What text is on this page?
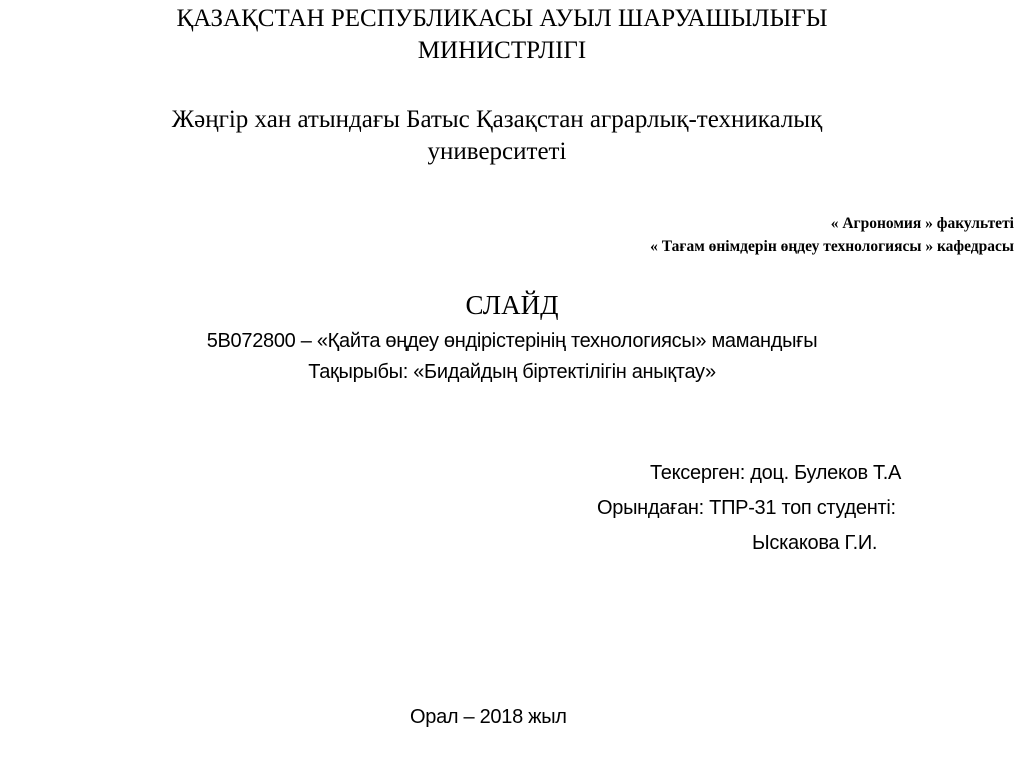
ҚАЗАҚСТАН РЕСПУБЛИКАСЫ АУЫЛ ШАРУАШЫЛЫҒЫ
МИНИСТРЛІГІ
Жәңгір хан атындағы Батыс Қазақстан аграрлық-техникалық
университеті
« Агрономия » факультеті
« Тағам өнімдерін өңдеу технологиясы » кафедрасы
СЛАЙД
5В072800 – «Қайта өңдеу өндірістерінің технологиясы» мамандығы
Тақырыбы: «Бидайдың біртектілігін анықтау»
Тексерген: доц. Булеков Т.А
Орындаған: ТПР-31 топ студенті:
Ыскакова Г.И.
Орал – 2018 жыл
